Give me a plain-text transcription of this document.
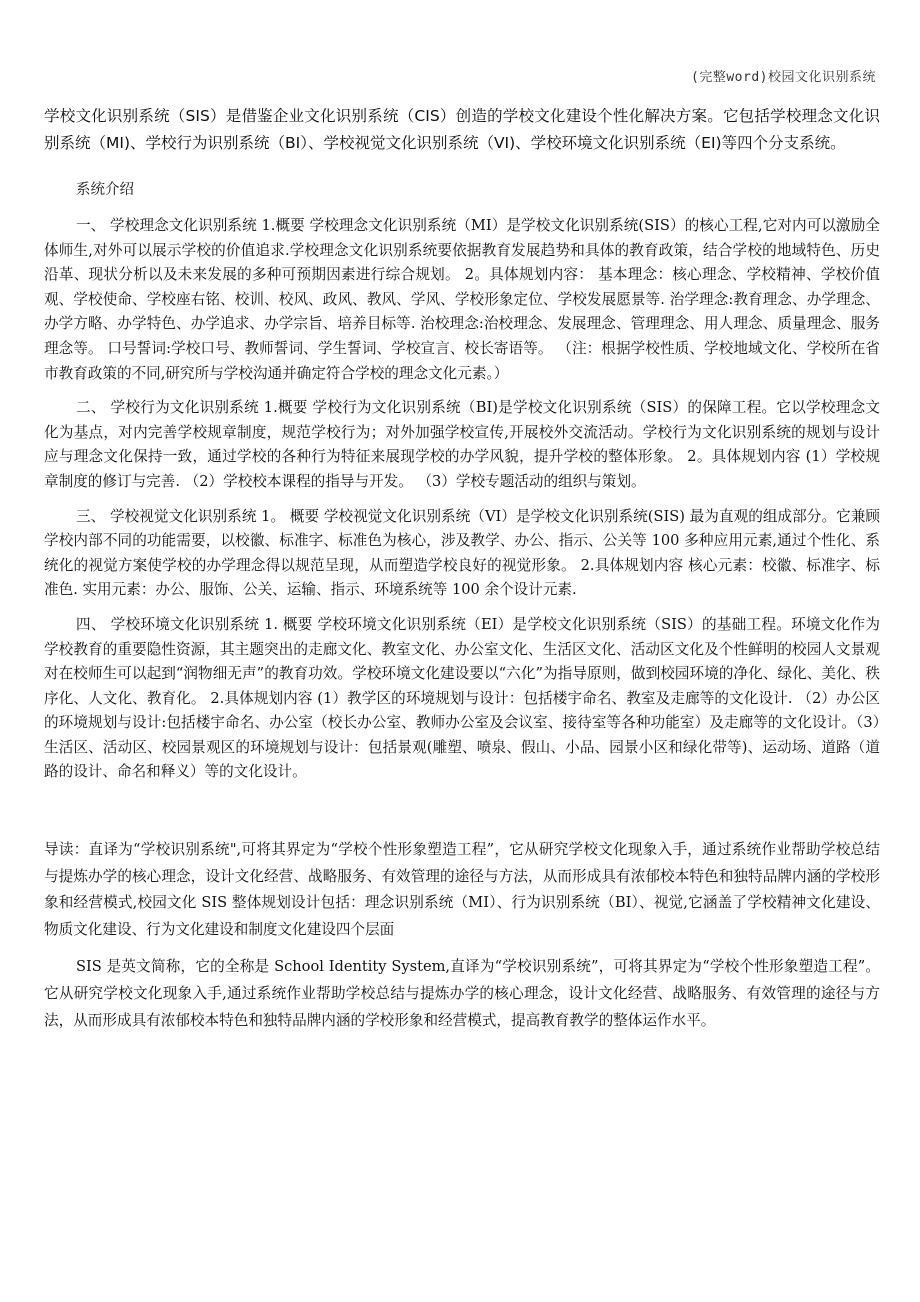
(完整word)校园文化识别系统

学校文化识别系统（SIS）是借鉴企业文化识别系统（CIS）创造的学校文化建设个性化解决方案。它包括学校理念文化识别系统（MI)、学校行为识别系统（BI）、学校视觉文化识别系统（VI)、学校环境文化识别系统（EI)等四个分支系统。

系统介绍

一、 学校理念文化识别系统 1.概要 学校理念文化识别系统（MI）是学校文化识别系统(SIS）的核心工程,它对内可以激励全体师生,对外可以展示学校的价值追求.学校理念文化识别系统要依据教育发展趋势和具体的教育政策，结合学校的地域特色、历史沿革、现状分析以及未来发展的多种可预期因素进行综合规划。 2。具体规划内容： 基本理念：核心理念、学校精神、学校价值观、学校使命、学校座右铭、校训、校风、政风、教风、学风、学校形象定位、学校发展愿景等. 治学理念:教育理念、办学理念、办学方略、办学特色、办学追求、办学宗旨、培养目标等. 治校理念:治校理念、发展理念、管理理念、用人理念、质量理念、服务理念等。 口号誓词:学校口号、教师誓词、学生誓词、学校宣言、校长寄语等。 （注：根据学校性质、学校地域文化、学校所在省市教育政策的不同,研究所与学校沟通并确定符合学校的理念文化元素。）

二、 学校行为文化识别系统 1.概要 学校行为文化识别系统（BI)是学校文化识别系统（SIS）的保障工程。它以学校理念文化为基点，对内完善学校规章制度，规范学校行为；对外加强学校宣传,开展校外交流活动。学校行为文化识别系统的规划与设计应与理念文化保持一致，通过学校的各种行为特征来展现学校的办学风貌，提升学校的整体形象。 2。具体规划内容 (1）学校规章制度的修订与完善. （2）学校校本课程的指导与开发。 （3）学校专题活动的组织与策划。

三、 学校视觉文化识别系统 1。 概要 学校视觉文化识别系统（VI）是学校文化识别系统(SIS) 最为直观的组成部分。它兼顾学校内部不同的功能需要，以校徽、标准字、标准色为核心，涉及教学、办公、指示、公关等 100 多种应用元素,通过个性化、系统化的视觉方案使学校的办学理念得以规范呈现，从而塑造学校良好的视觉形象。 2.具体规划内容 核心元素：校徽、标准字、标准色. 实用元素：办公、服饰、公关、运输、指示、环境系统等 100 余个设计元素.

四、 学校环境文化识别系统 1. 概要 学校环境文化识别系统（EI）是学校文化识别系统（SIS）的基础工程。环境文化作为学校教育的重要隐性资源，其主题突出的走廊文化、教室文化、办公室文化、生活区文化、活动区文化及个性鲜明的校园人文景观对在校师生可以起到“润物细无声”的教育功效。学校环境文化建设要以“六化”为指导原则，做到校园环境的净化、绿化、美化、秩序化、人文化、教育化。 2.具体规划内容 (1）教学区的环境规划与设计：包括楼宇命名、教室及走廊等的文化设计. （2）办公区的环境规划与设计:包括楼宇命名、办公室（校长办公室、教师办公室及会议室、接待室等各种功能室）及走廊等的文化设计。（3）生活区、活动区、校园景观区的环境规划与设计：包括景观(雕塑、喷泉、假山、小品、园景小区和绿化带等)、运动场、道路（道路的设计、命名和释义）等的文化设计。

导读：直译为“学校识别系统",可将其界定为“学校个性形象塑造工程”，它从研究学校文化现象入手，通过系统作业帮助学校总结与提炼办学的核心理念，设计文化经营、战略服务、有效管理的途径与方法，从而形成具有浓郁校本特色和独特品牌内涵的学校形象和经营模式,校园文化 SIS 整体规划设计包括：理念识别系统（MI）、行为识别系统（BI）、视觉,它涵盖了学校精神文化建设、物质文化建设、行为文化建设和制度文化建设四个层面

SIS 是英文简称，它的全称是 School Identity System,直译为“学校识别系统”，可将其界定为“学校个性形象塑造工程”。它从研究学校文化现象入手,通过系统作业帮助学校总结与提炼办学的核心理念，设计文化经营、战略服务、有效管理的途径与方法，从而形成具有浓郁校本特色和独特品牌内涵的学校形象和经营模式，提高教育教学的整体运作水平。
